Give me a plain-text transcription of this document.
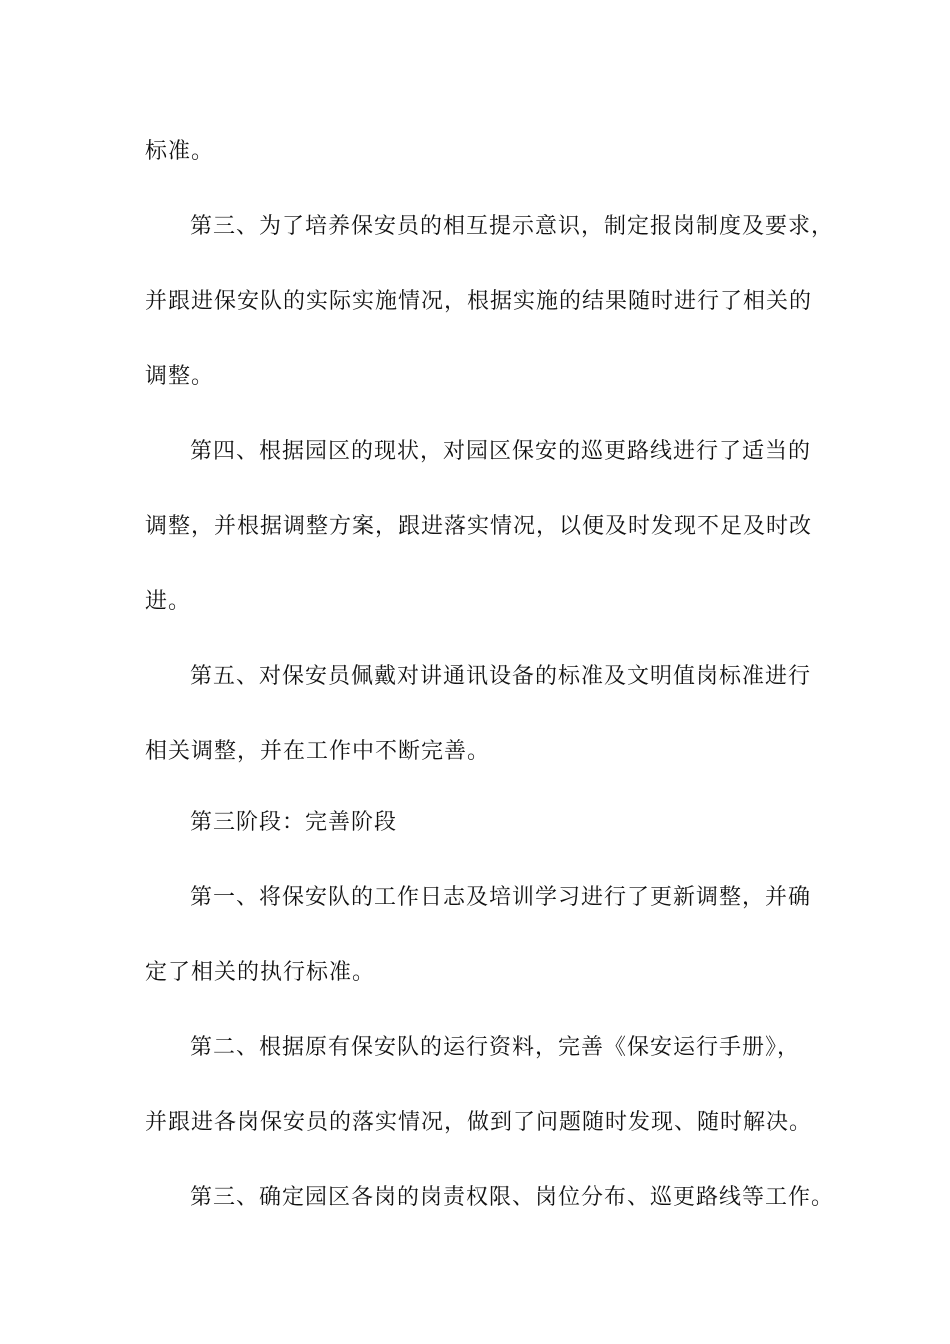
标准。
第三、为了培养保安员的相互提示意识，制定报岗制度及要求，
并跟进保安队的实际实施情况，根据实施的结果随时进行了相关的
调整。
第四、根据园区的现状，对园区保安的巡更路线进行了适当的
调整，并根据调整方案，跟进落实情况，以便及时发现不足及时改
进。
第五、对保安员佩戴对讲通讯设备的标准及文明值岗标准进行
相关调整，并在工作中不断完善。
第三阶段：完善阶段
第一、将保安队的工作日志及培训学习进行了更新调整，并确
定了相关的执行标准。
第二、根据原有保安队的运行资料，完善《保安运行手册》，
并跟进各岗保安员的落实情况，做到了问题随时发现、随时解决。
第三、确定园区各岗的岗责权限、岗位分布、巡更路线等工作。
